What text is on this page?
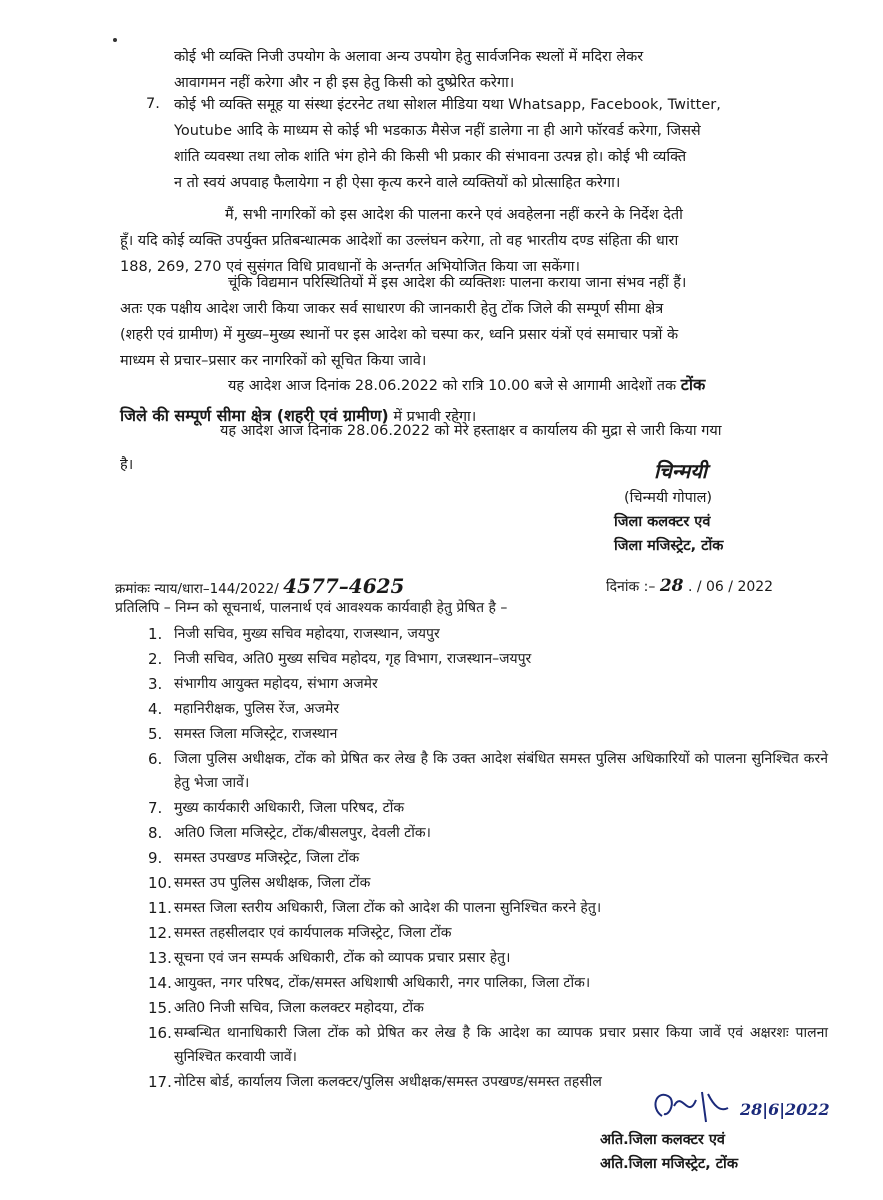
कोई भी व्यक्ति निजी उपयोग के अलावा अन्य उपयोग हेतु सार्वजनिक स्थलों में मदिरा लेकर

आवागमन नहीं करेगा और न ही इस हेतु किसी को दुष्प्रेरित करेगा।

7. कोई भी व्यक्ति समूह या संस्था इंटरनेट तथा सोशल मीडिया यथा Whatsapp, Facebook, Twitter,

Youtube आदि के माध्यम से कोई भी भडकाऊ मैसेज नहीं डालेगा ना ही आगे फॉरवर्ड करेगा, जिससे

शांति व्यवस्था तथा लोक शांति भंग होने की किसी भी प्रकार की संभावना उत्पन्न हो। कोई भी व्यक्ति

न तो स्वयं अपवाह फैलायेगा न ही ऐसा कृत्य करने वाले व्यक्तियों को प्रोत्साहित करेगा।

मैं, सभी नागरिकों को इस आदेश की पालना करने एवं अवहेलना नहीं करने के निर्देश देती

हूँ। यदि कोई व्यक्ति उपर्युक्त प्रतिबन्धात्मक आदेशों का उल्लंघन करेगा, तो वह भारतीय दण्ड संहिता की धारा

188, 269, 270 एवं सुसंगत विधि प्रावधानों के अन्तर्गत अभियोजित किया जा सकेंगा।

चूंकि विद्यमान परिस्थितियों में इस आदेश की व्यक्तिशः पालना कराया जाना संभव नहीं हैं।

अतः एक पक्षीय आदेश जारी किया जाकर सर्व साधारण की जानकारी हेतु टोंक जिले की सम्पूर्ण सीमा क्षेत्र

(शहरी एवं ग्रामीण) में मुख्य–मुख्य स्थानों पर इस आदेश को चस्पा कर, ध्वनि प्रसार यंत्रों एवं समाचार पत्रों के

माध्यम से प्रचार–प्रसार कर नागरिकों को सूचित किया जावे।

यह आदेश आज दिनांक 28.06.2022 को रात्रि 10.00 बजे से आगामी आदेशों तक टोंक

जिले की सम्पूर्ण सीमा क्षेत्र (शहरी एवं ग्रामीण) में प्रभावी रहेगा।

यह आदेश आज दिनांक 28.06.2022 को मेरे हस्ताक्षर व कार्यालय की मुद्रा से जारी किया गया

है।	चिन्मयी
(चिन्मयी गोपाल)
जिला कलक्टर एवं
जिला मजिस्ट्रेट, टोंक
क्रमांकः न्याय/धारा–144/2022/ 4577–4625	दिनांक :– 28 . / 06 / 2022
प्रतिलिपि – निम्न को सूचनार्थ, पालनार्थ एवं आवश्यक कार्यवाही हेतु प्रेषित है –
1. निजी सचिव, मुख्य सचिव महोदया, राजस्थान, जयपुर
2. निजी सचिव, अति0 मुख्य सचिव महोदय, गृह विभाग, राजस्थान–जयपुर
3. संभागीय आयुक्त महोदय, संभाग अजमेर
4. महानिरीक्षक, पुलिस रेंज, अजमेर
5. समस्त जिला मजिस्ट्रेट, राजस्थान
6. जिला पुलिस अधीक्षक, टोंक को प्रेषित कर लेख है कि उक्त आदेश संबंधित समस्त पुलिस अधिकारियों को पालना सुनिश्चित करने हेतु भेजा जावें।
7. मुख्य कार्यकारी अधिकारी, जिला परिषद, टोंक
8. अति0 जिला मजिस्ट्रेट, टोंक/बीसलपुर, देवली टोंक।
9. समस्त उपखण्ड मजिस्ट्रेट, जिला टोंक
10. समस्त उप पुलिस अधीक्षक, जिला टोंक
11. समस्त जिला स्तरीय अधिकारी, जिला टोंक को आदेश की पालना सुनिश्चित करने हेतु।
12. समस्त तहसीलदार एवं कार्यपालक मजिस्ट्रेट, जिला टोंक
13. सूचना एवं जन सम्पर्क अधिकारी, टोंक को व्यापक प्रचार प्रसार हेतु।
14. आयुक्त, नगर परिषद, टोंक/समस्त अधिशाषी अधिकारी, नगर पालिका, जिला टोंक।
15. अति0 निजी सचिव, जिला कलक्टर महोदया, टोंक
16. सम्बन्धित थानाधिकारी जिला टोंक को प्रेषित कर लेख है कि आदेश का व्यापक प्रचार प्रसार किया जावें एवं अक्षरशः पालना सुनिश्चित करवायी जावें।
17. नोटिस बोर्ड, कार्यालय जिला कलक्टर/पुलिस अधीक्षक/समस्त उपखण्ड/समस्त तहसील
28|6|2022
अति.जिला कलक्टर एवं
अति.जिला मजिस्ट्रेट, टोंक
